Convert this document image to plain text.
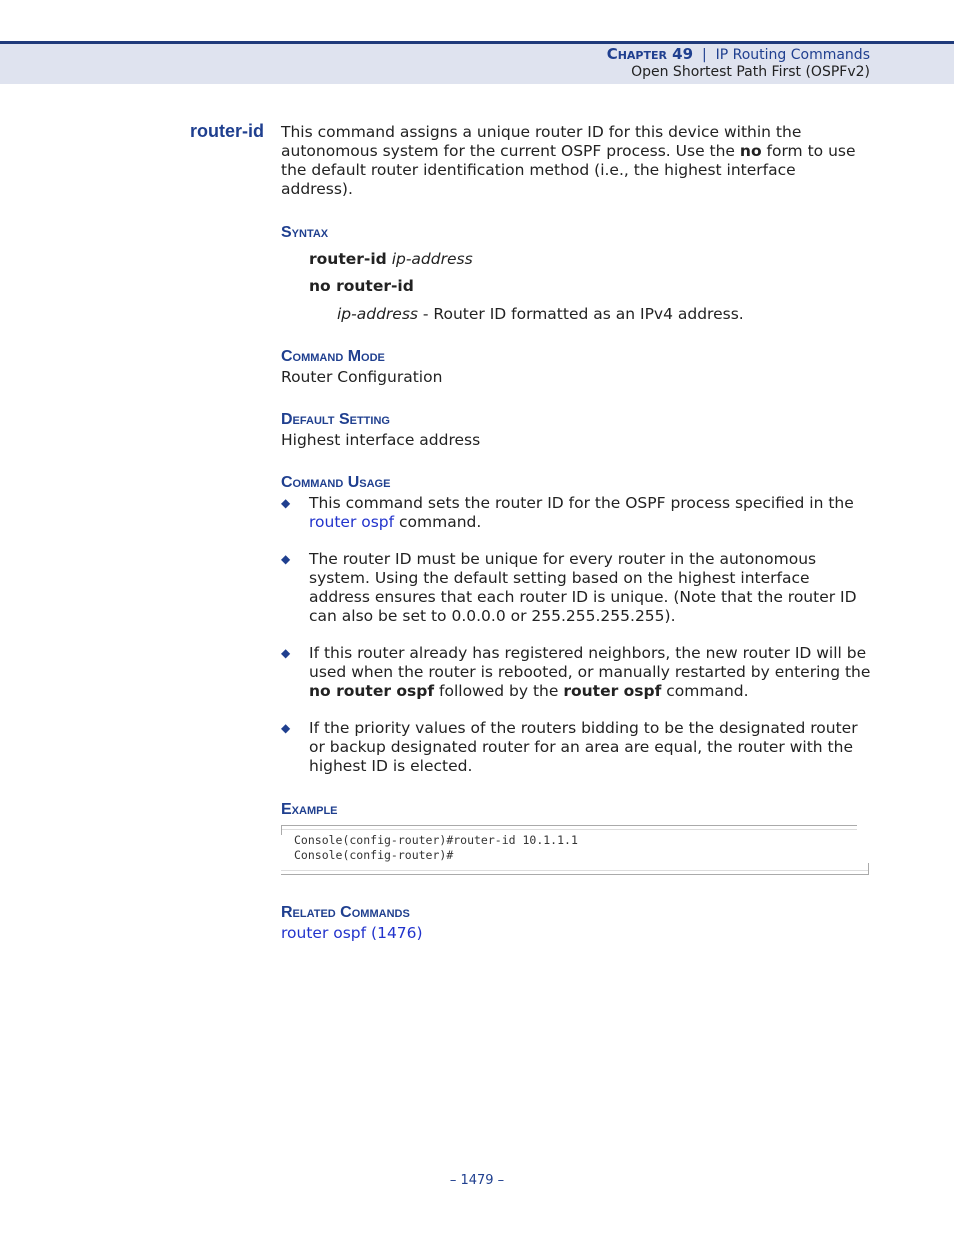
Chapter 49 | IP Routing Commands
Open Shortest Path First (OSPFv2)
router-id This command assigns a unique router ID for this device within the autonomous system for the current OSPF process. Use the no form to use the default router identification method (i.e., the highest interface address).

Syntax

router-id ip-address

no router-id

ip-address - Router ID formatted as an IPv4 address.

Command Mode

Router Configuration

Default Setting

Highest interface address

Command Usage
◆ This command sets the router ID for the OSPF process specified in the router ospf command.
◆ The router ID must be unique for every router in the autonomous system. Using the default setting based on the highest interface address ensures that each router ID is unique. (Note that the router ID can also be set to 0.0.0.0 or 255.255.255.255).
◆ If this router already has registered neighbors, the new router ID will be used when the router is rebooted, or manually restarted by entering the no router ospf followed by the router ospf command.
◆ If the priority values of the routers bidding to be the designated router or backup designated router for an area are equal, the router with the highest ID is elected.
Example
Console(config-router)#router-id 10.1.1.1
Console(config-router)#
Related Commands

router ospf (1476)

– 1479 –
